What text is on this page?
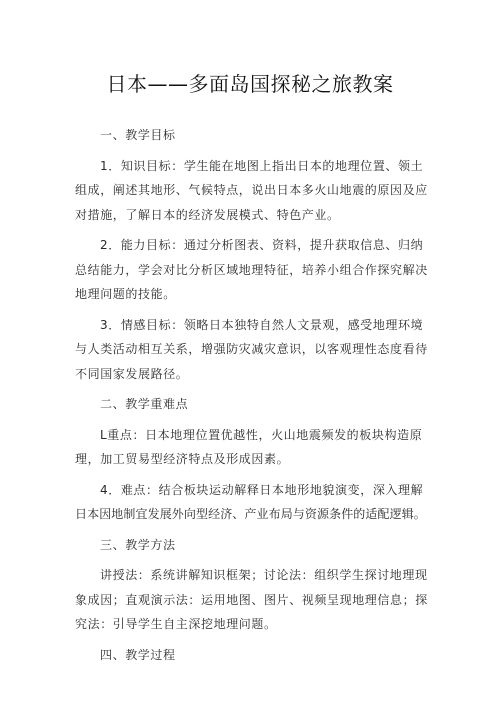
日本——多面岛国探秘之旅教案
一、教学目标
1．知识目标：学生能在地图上指出日本的地理位置、领土
组成，阐述其地形、气候特点，说出日本多火山地震的原因及应
对措施，了解日本的经济发展模式、特色产业。
2．能力目标：通过分析图表、资料，提升获取信息、归纳
总结能力，学会对比分析区域地理特征，培养小组合作探究解决
地理问题的技能。
3．情感目标：领略日本独特自然人文景观，感受地理环境
与人类活动相互关系，增强防灾减灾意识，以客观理性态度看待
不同国家发展路径。
二、教学重难点
L重点：日本地理位置优越性，火山地震频发的板块构造原
理，加工贸易型经济特点及形成因素。
4．难点：结合板块运动解释日本地形地貌演变，深入理解
日本因地制宜发展外向型经济、产业布局与资源条件的适配逻辑。
三、教学方法
讲授法：系统讲解知识框架；讨论法：组织学生探讨地理现
象成因；直观演示法：运用地图、图片、视频呈现地理信息；探
究法：引导学生自主深挖地理问题。
四、教学过程
